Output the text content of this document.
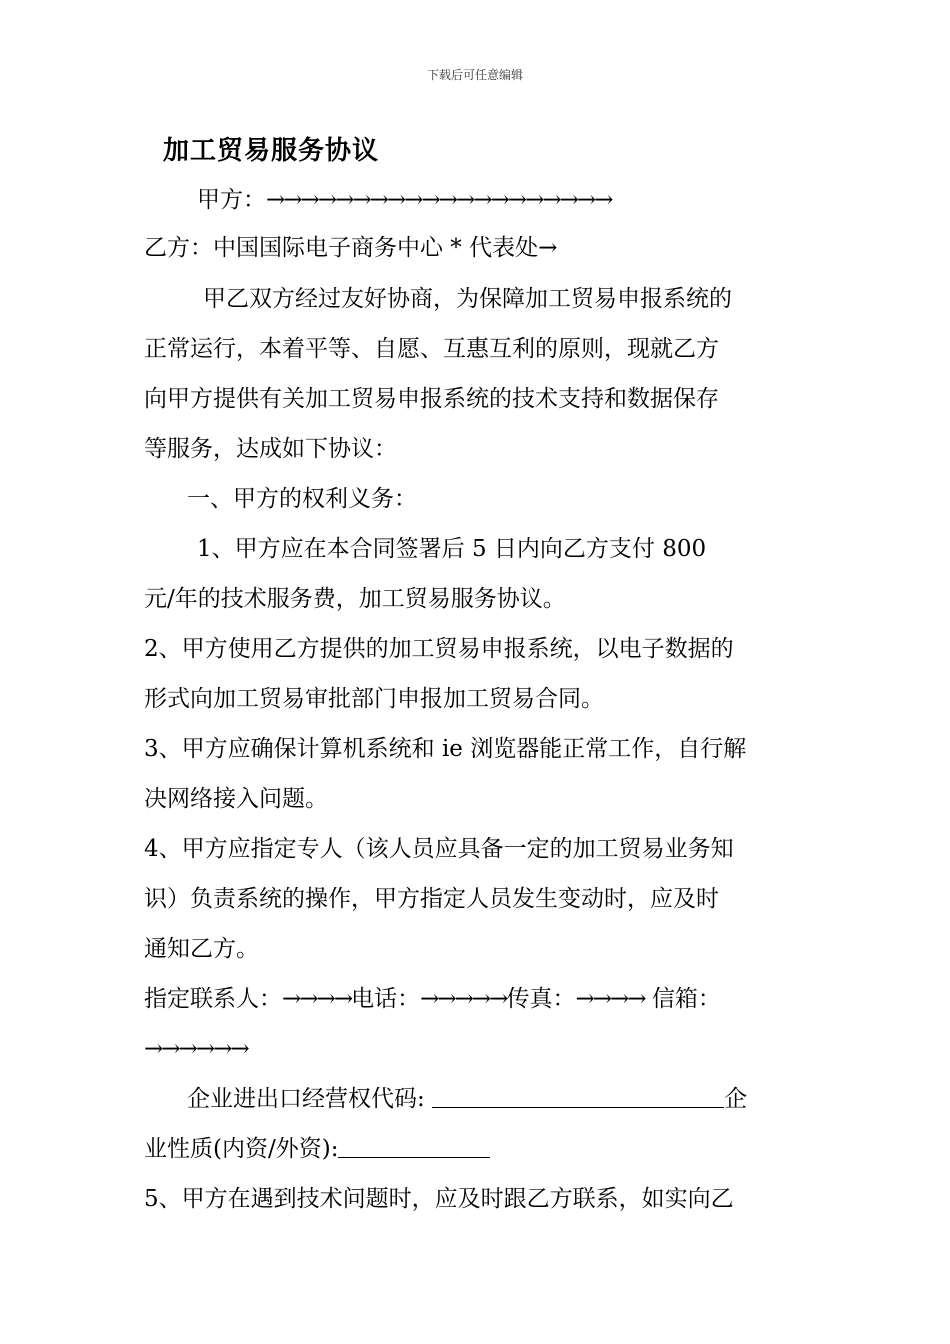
下载后可任意编辑
加工贸易服务协议
甲方：→→→→→→→→→→→→→→→→→→→→
乙方：中国国际电子商务中心 * 代表处→
甲乙双方经过友好协商，为保障加工贸易申报系统的
正常运行，本着平等、自愿、互惠互利的原则，现就乙方
向甲方提供有关加工贸易申报系统的技术支持和数据保存
等服务，达成如下协议：
一、甲方的权利义务：
1、甲方应在本合同签署后 5 日内向乙方支付 800
元/年的技术服务费，加工贸易服务协议。
2、甲方使用乙方提供的加工贸易申报系统，以电子数据的
形式向加工贸易审批部门申报加工贸易合同。
3、甲方应确保计算机系统和 ie 浏览器能正常工作，自行解
决网络接入问题。
4、甲方应指定专人（该人员应具备一定的加工贸易业务知
识）负责系统的操作，甲方指定人员发生变动时，应及时
通知乙方。
指定联系人：→→→→电话：→→→→→传真：→→→→ 信箱：
→→→→→→
企业进出口经营权代码:	企
业性质(内资/外资):
5、甲方在遇到技术问题时，应及时跟乙方联系，如实向乙
